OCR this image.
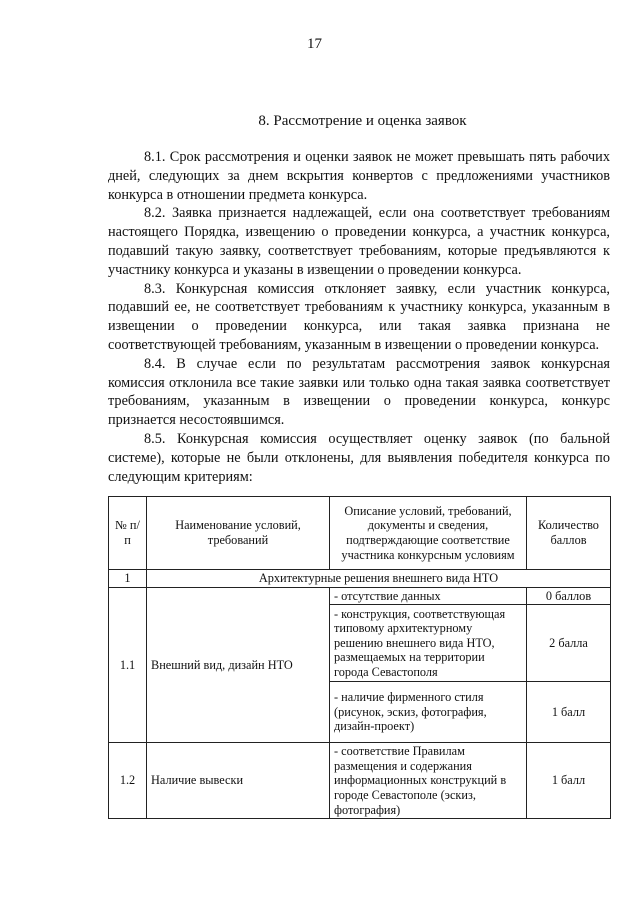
17
8. Рассмотрение и оценка заявок

8.1. Срок рассмотрения и оценки заявок не может превышать пять рабочих дней, следующих за днем вскрытия конвертов с предложениями участников конкурса в отношении предмета конкурса.

8.2. Заявка признается надлежащей, если она соответствует требованиям настоящего Порядка, извещению о проведении конкурса, а участник конкурса, подавший такую заявку, соответствует требованиям, которые предъявляются к участнику конкурса и указаны в извещении о проведении конкурса.

8.3. Конкурсная комиссия отклоняет заявку, если участник конкурса, подавший ее, не соответствует требованиям к участнику конкурса, указанным в извещении о проведении конкурса, или такая заявка признана не соответствующей требованиям, указанным в извещении о проведении конкурса.

8.4. В случае если по результатам рассмотрения заявок конкурсная комиссия отклонила все такие заявки или только одна такая заявка соответствует требованиям, указанным в извещении о проведении конкурса, конкурс признается несостоявшимся.

8.5. Конкурсная комиссия осуществляет оценку заявок (по бальной системе), которые не были отклонены, для выявления победителя конкурса по следующим критериям:

№ п/п	Наименование условий, требований	Описание условий, требований, документы и сведения, подтверждающие соответствие участника конкурсным условиям	Количество баллов
1	Архитектурные решения внешнего вида НТО		
1.1	Внешний вид, дизайн НТО	- отсутствие данных	0 баллов
		- конструкция, соответствующая типовому архитектурному решению внешнего вида НТО, размещаемых на территории города Севастополя	2 балла
		- наличие фирменного стиля (рисунок, эскиз, фотография, дизайн-проект)	1 балл
1.2	Наличие вывески	- соответствие Правилам размещения и содержания информационных конструкций в городе Севастополе (эскиз, фотография)	1 балл
